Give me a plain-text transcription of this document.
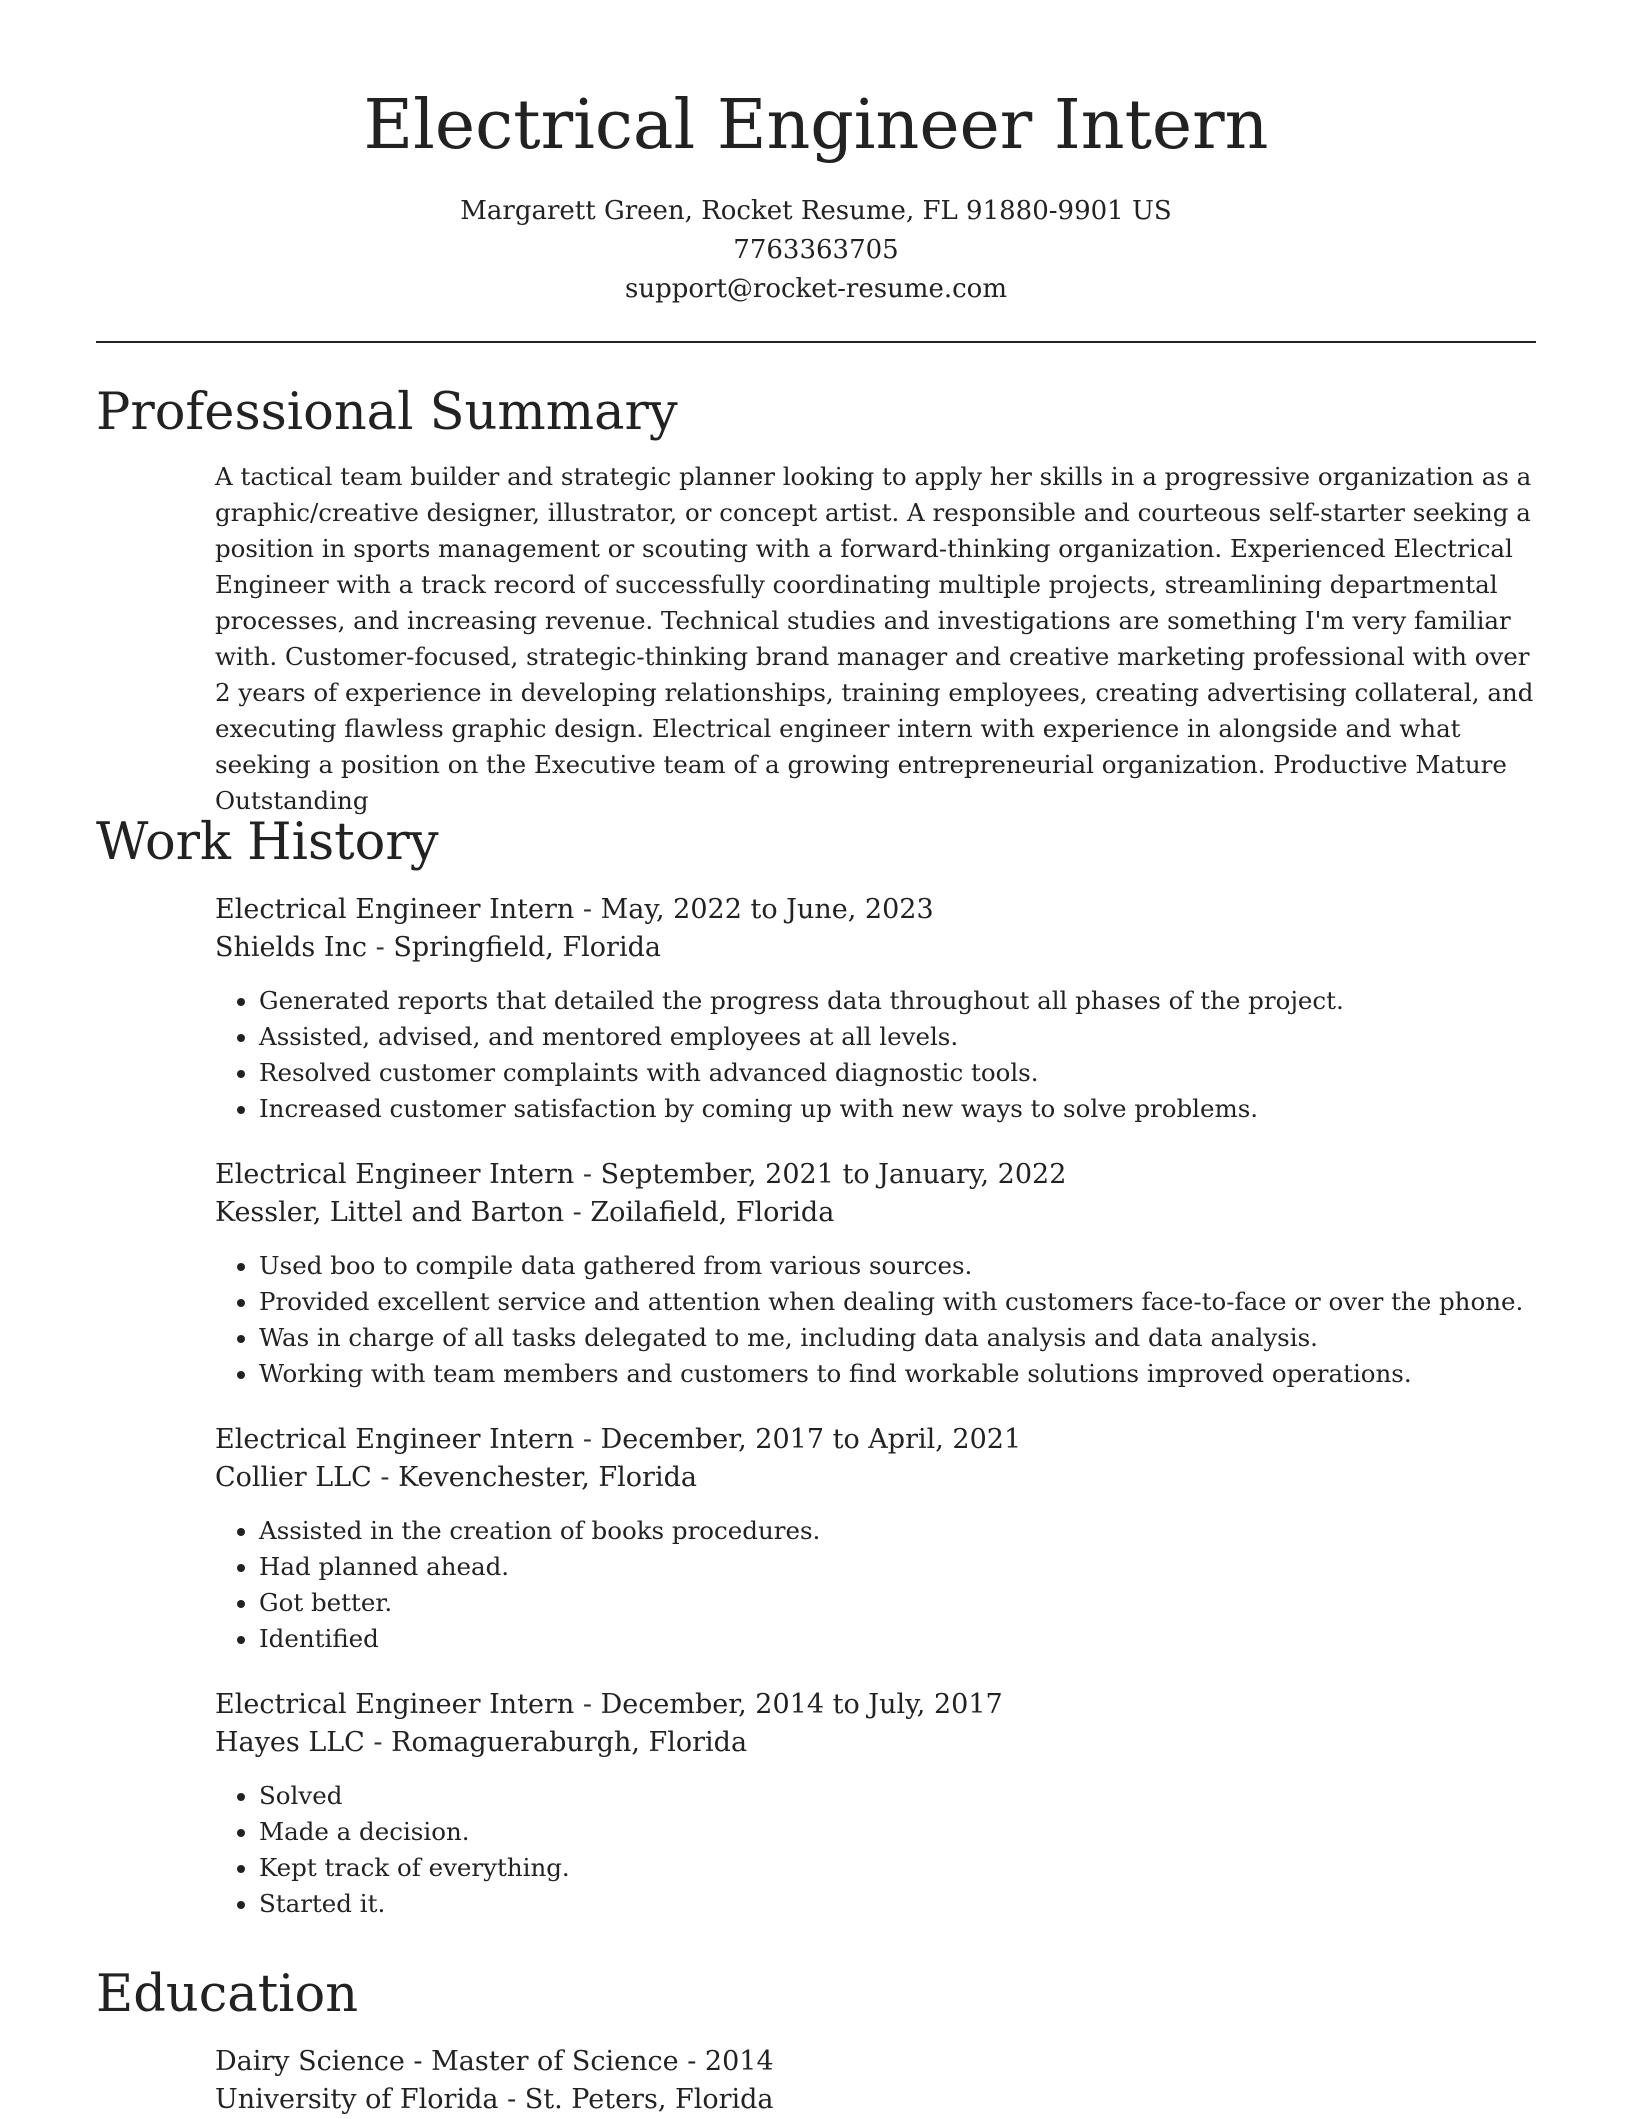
Electrical Engineer Intern
Margarett Green, Rocket Resume, FL 91880-9901 US
7763363705
support@rocket-resume.com
Professional Summary

A tactical team builder and strategic planner looking to apply her skills in a progressive organization as a graphic/creative designer, illustrator, or concept artist. A responsible and courteous self-starter seeking a position in sports management or scouting with a forward-thinking organization. Experienced Electrical Engineer with a track record of successfully coordinating multiple projects, streamlining departmental processes, and increasing revenue. Technical studies and investigations are something I'm very familiar with. Customer-focused, strategic-thinking brand manager and creative marketing professional with over 2 years of experience in developing relationships, training employees, creating advertising collateral, and executing flawless graphic design. Electrical engineer intern with experience in alongside and what seeking a position on the Executive team of a growing entrepreneurial organization. Productive Mature Outstanding

Work History

Electrical Engineer Intern - May, 2022 to June, 2023

Shields Inc - Springfield, Florida

• Generated reports that detailed the progress data throughout all phases of the project.
• Assisted, advised, and mentored employees at all levels.
• Resolved customer complaints with advanced diagnostic tools.
• Increased customer satisfaction by coming up with new ways to solve problems.

Electrical Engineer Intern - September, 2021 to January, 2022

Kessler, Littel and Barton - Zoilafield, Florida

• Used boo to compile data gathered from various sources.
• Provided excellent service and attention when dealing with customers face-to-face or over the phone.
• Was in charge of all tasks delegated to me, including data analysis and data analysis.
• Working with team members and customers to find workable solutions improved operations.

Electrical Engineer Intern - December, 2017 to April, 2021

Collier LLC - Kevenchester, Florida

• Assisted in the creation of books procedures.
• Had planned ahead.
• Got better.
• Identified

Electrical Engineer Intern - December, 2014 to July, 2017

Hayes LLC - Romagueraburgh, Florida

• Solved
• Made a decision.
• Kept track of everything.
• Started it.
Education

Dairy Science - Master of Science - 2014

University of Florida - St. Peters, Florida
